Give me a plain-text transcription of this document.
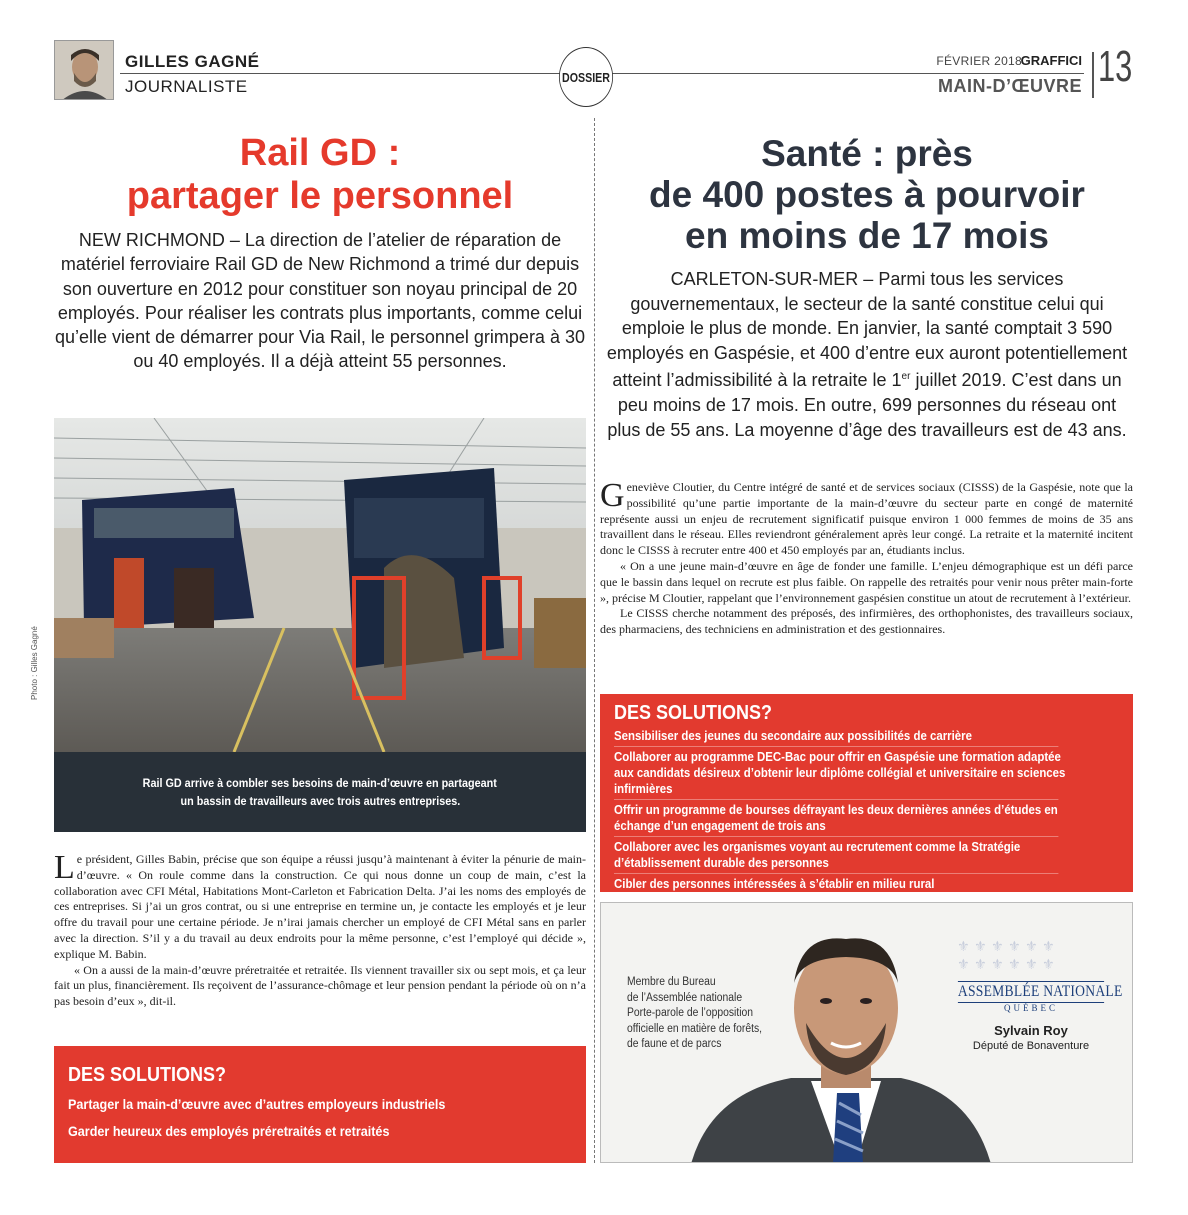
GILLES GAGNÉ
JOURNALISTE	DOSSIER
FÉVRIER 2018
GRAFFICI
MAIN-D’ŒUVRE 13
Rail GD :
partager le personnel
NEW RICHMOND – La direction de l’atelier de réparation de matériel ferroviaire Rail GD de New Richmond a trimé dur depuis son ouverture en 2012 pour constituer son noyau principal de 20 employés. Pour réaliser les contrats plus importants, comme celui qu’elle vient de démarrer pour Via Rail, le personnel grimpera à 30 ou 40 employés. Il a déjà atteint 55 personnes.
Photo : Gilles Gagné
Rail GD arrive à combler ses besoins de main-d’œuvre en partageant
un bassin de travailleurs avec trois autres entreprises.

Le président, Gilles Babin, précise que son équipe a réussi jusqu’à maintenant à éviter la pénurie de main-d’œuvre. « On roule comme dans la construction. Ce qui nous donne un coup de main, c’est la collaboration avec CFI Métal, Habitations Mont-Carleton et Fabrication Delta. J’ai les noms des employés de ces entreprises. Si j’ai un gros contrat, ou si une entreprise en termine un, je contacte les employés et je leur offre du travail pour une certaine période. Je n’irai jamais chercher un employé de CFI Métal sans en parler avec la direction. S’il y a du travail au deux endroits pour la même personne, c’est l’employé qui décide », explique M. Babin.

« On a aussi de la main-d’œuvre préretraitée et retraitée. Ils viennent travailler six ou sept mois, et ça leur fait un plus, financièrement. Ils reçoivent de l’assurance-chômage et leur pension pendant la période où on n’a pas besoin d’eux », dit-il.

DES SOLUTIONS?
Partager la main-d’œuvre avec d’autres employeurs industriels
Garder heureux des employés préretraités et retraités
Santé : près
de 400 postes à pourvoir
en moins de 17 mois
CARLETON-SUR-MER – Parmi tous les services gouvernementaux, le secteur de la santé constitue celui qui emploie le plus de monde. En janvier, la santé comptait 3 590 employés en Gaspésie, et 400 d’entre eux auront potentiellement atteint l’admissibilité à la retraite le 1er juillet 2019. C’est dans un peu moins de 17 mois. En outre, 699 personnes du réseau ont plus de 55 ans. La moyenne d’âge des travailleurs est de 43 ans.

Geneviève Cloutier, du Centre intégré de santé et de services sociaux (CISSS) de la Gaspésie, note que la possibilité qu’une partie importante de la main-d’œuvre du secteur parte en congé de maternité représente aussi un enjeu de recrutement significatif puisque environ 1 000 femmes de moins de 35 ans travaillent dans le réseau. Elles reviendront généralement après leur congé. La retraite et la maternité incitent donc le CISSS à recruter entre 400 et 450 employés par an, étudiants inclus.

« On a une jeune main-d’œuvre en âge de fonder une famille. L’enjeu démographique est un défi parce que le bassin dans lequel on recrute est plus faible. On rappelle des retraités pour venir nous prêter main-forte », précise M Cloutier, rappelant que l’environnement gaspésien constitue un atout de recrutement à l’extérieur.

Le CISSS cherche notamment des préposés, des infirmières, des orthophonistes, des travailleurs sociaux, des pharmaciens, des techniciens en administration et des gestionnaires.

DES SOLUTIONS?
Sensibiliser des jeunes du secondaire aux possibilités de carrière
Collaborer au programme DEC-Bac pour offrir en Gaspésie une formation adaptée
aux candidats désireux d’obtenir leur diplôme collégial et universitaire en sciences
infirmières
Offrir un programme de bourses défrayant les deux dernières années d’études en
échange d’un engagement de trois ans
Collaborer avec les organismes voyant au recrutement comme la Stratégie
d’établissement durable des personnes
Cibler des personnes intéressées à s’établir en milieu rural
⚜ ⚜ ⚜ ⚜ ⚜ ⚜
⚜ ⚜ ⚜ ⚜ ⚜ ⚜
Membre du Bureau
de l’Assemblée nationale
Porte-parole de l’opposition
officielle en matière de forêts,
de faune et de parcs
ASSEMBLÉE NATIONALE
QUÉBEC
Sylvain Roy
Député de Bonaventure
